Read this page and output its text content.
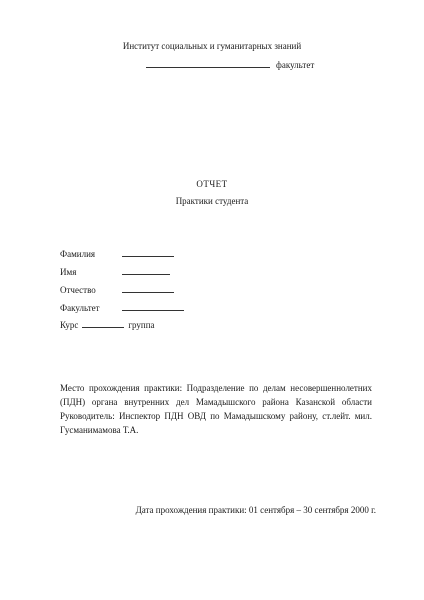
Институт социальных и гуманитарных знаний
факультет
ОТЧЕТ
Практики студента
Фамилия
Имя
Отчество
Факультет
Курс	группа
Место прохождения практики: Подразделение по делам несовершеннолетних (ПДН) органа внутренних дел Мамадышского района Казанской области Руководитель: Инспектор ПДН ОВД по Мамадышскому району, ст.лейт. мил. Гусманимамова Т.А.
Дата прохождения практики: 01 сентября – 30 сентября 2000 г.
